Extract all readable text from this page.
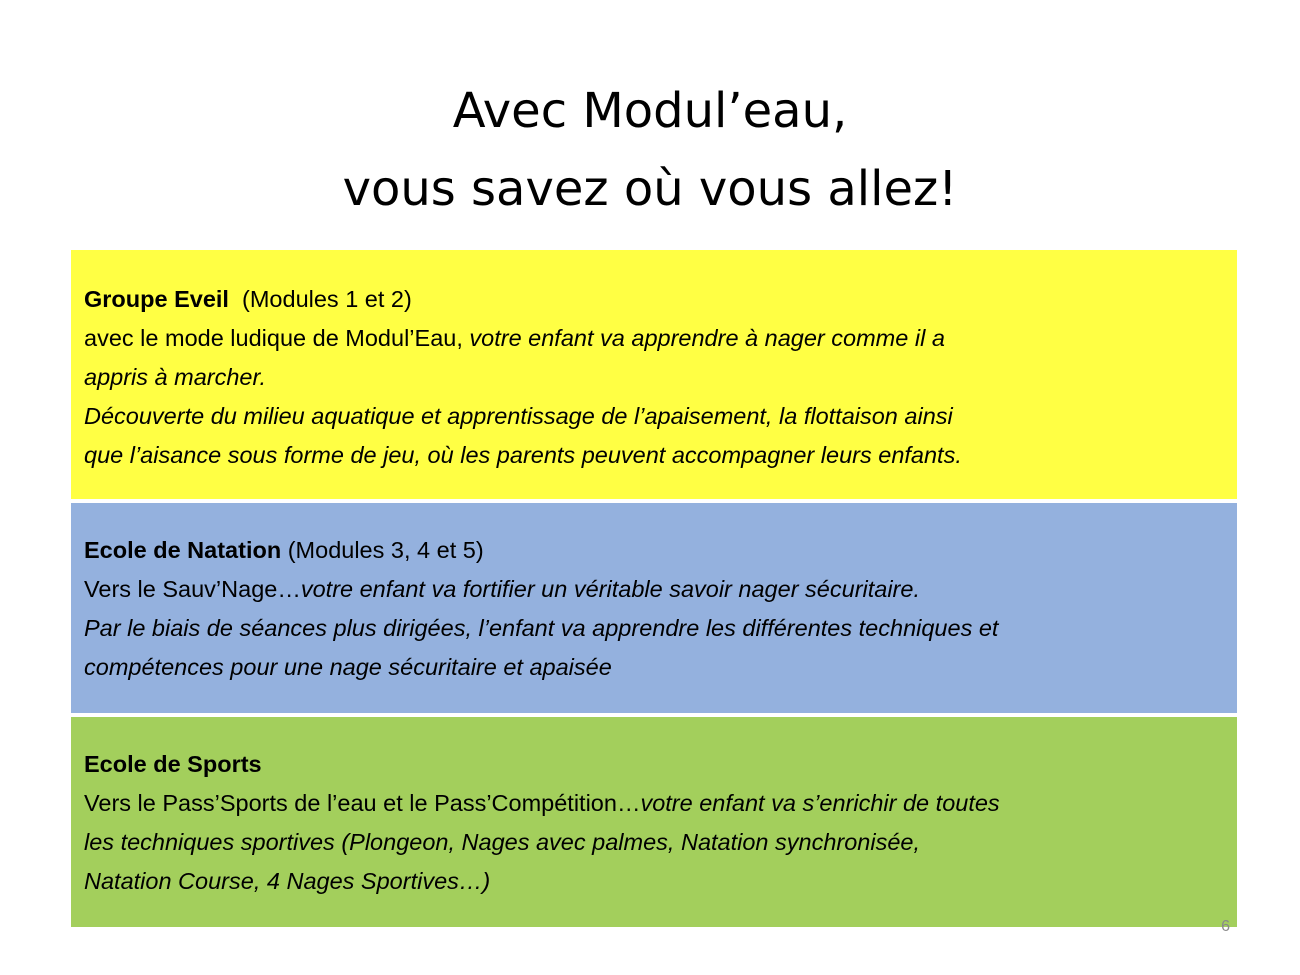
Avec Modul’eau,
vous savez où vous allez!
Groupe Eveil  (Modules 1 et 2)
avec le mode ludique de Modul’Eau, votre enfant va apprendre à nager comme il a
appris à marcher.
Découverte du milieu aquatique et apprentissage de l’apaisement, la flottaison ainsi
que l’aisance sous forme de jeu, où les parents peuvent accompagner leurs enfants.
Ecole de Natation (Modules 3, 4 et 5)
Vers le Sauv’Nage…votre enfant va fortifier un véritable savoir nager sécuritaire.
Par le biais de séances plus dirigées, l’enfant va apprendre les différentes techniques et
compétences pour une nage sécuritaire et apaisée
Ecole de Sports
Vers le Pass’Sports de l’eau et le Pass’Compétition…votre enfant va s’enrichir de toutes
les techniques sportives (Plongeon, Nages avec palmes, Natation synchronisée,
Natation Course, 4 Nages Sportives…)
6
